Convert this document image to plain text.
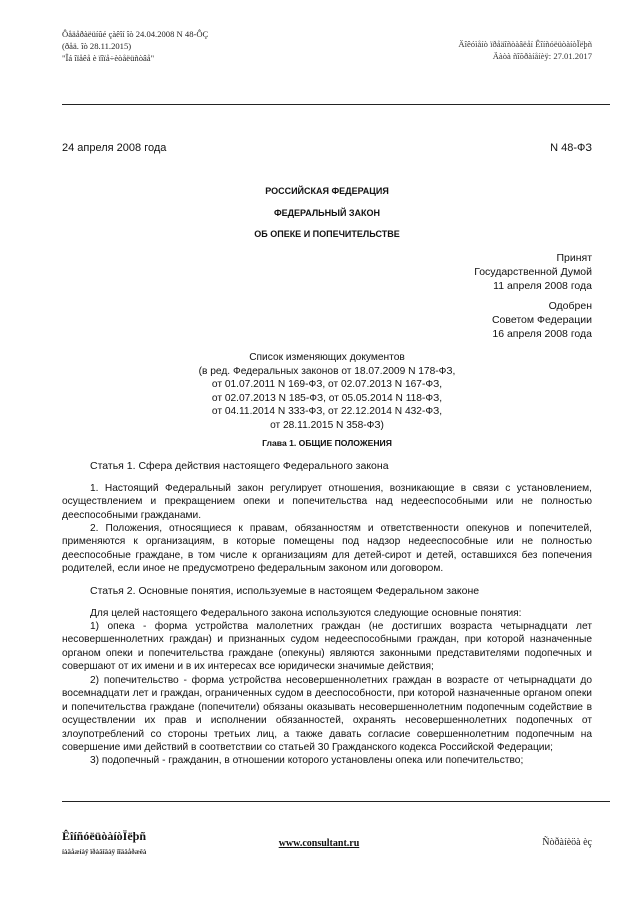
Ôåäåðàëüíûé çàêîí îò 24.04.2008 N 48-ÔÇ
(ðåä. îò 28.11.2015)
"Îá îïåêå è ïîïå÷èòåëüñòâå"
Äîêóìåíò ïðåäîñòàâëåí ÊîíñóëüòàíòÏëþñ
Äàòà ñîõðàíåíèÿ: 27.01.2017
24 апреля 2008 года	N 48-ФЗ
РОССИЙСКАЯ ФЕДЕРАЦИЯ
ФЕДЕРАЛЬНЫЙ ЗАКОН
ОБ ОПЕКЕ И ПОПЕЧИТЕЛЬСТВЕ
Принят
Государственной Думой
11 апреля 2008 года
Одобрен
Советом Федерации
16 апреля 2008 года
Список изменяющих документов
(в ред. Федеральных законов от 18.07.2009 N 178-ФЗ,
от 01.07.2011 N 169-ФЗ, от 02.07.2013 N 167-ФЗ,
от 02.07.2013 N 185-ФЗ, от 05.05.2014 N 118-ФЗ,
от 04.11.2014 N 333-ФЗ, от 22.12.2014 N 432-ФЗ,
от 28.11.2015 N 358-ФЗ)
Глава 1. ОБЩИЕ ПОЛОЖЕНИЯ
Статья 1. Сфера действия настоящего Федерального закона
1. Настоящий Федеральный закон регулирует отношения, возникающие в связи с установлением, осуществлением и прекращением опеки и попечительства над недееспособными или не полностью дееспособными гражданами.
2. Положения, относящиеся к правам, обязанностям и ответственности опекунов и попечителей, применяются к организациям, в которые помещены под надзор недееспособные или не полностью дееспособные граждане, в том числе к организациям для детей-сирот и детей, оставшихся без попечения родителей, если иное не предусмотрено федеральным законом или договором.
Статья 2. Основные понятия, используемые в настоящем Федеральном законе
Для целей настоящего Федерального закона используются следующие основные понятия:
1) опека - форма устройства малолетних граждан (не достигших возраста четырнадцати лет несовершеннолетних граждан) и признанных судом недееспособными граждан, при которой назначенные органом опеки и попечительства граждане (опекуны) являются законными представителями подопечных и совершают от их имени и в их интересах все юридически значимые действия;
2) попечительство - форма устройства несовершеннолетних граждан в возрасте от четырнадцати до восемнадцати лет и граждан, ограниченных судом в дееспособности, при которой назначенные органом опеки и попечительства граждане (попечители) обязаны оказывать несовершеннолетним подопечным содействие в осуществлении их прав и исполнении обязанностей, охранять несовершеннолетних подопечных от злоупотреблений со стороны третьих лиц, а также давать согласие совершеннолетним подопечным на совершение ими действий в соответствии со статьей 30 Гражданского кодекса Российской Федерации;
3) подопечный - гражданин, в отношении которого установлены опека или попечительство;
ÊîíñóëüòàíòÏëþñ
íàäåæíàÿ ïðàâîâàÿ ïîääåðæêà
www.consultant.ru	Ñòðàíèöà èç
